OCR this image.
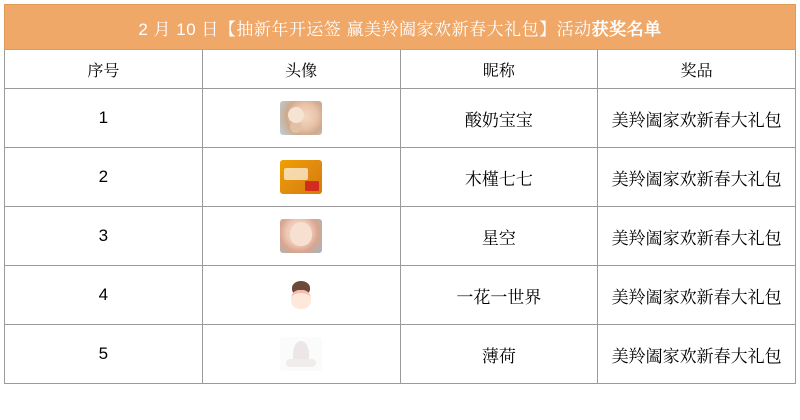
2 月 10 日【抽新年开运签 赢美羚阖家欢新春大礼包】活动获奖名单			
序号	头像	昵称	奖品
1		酸奶宝宝	美羚阖家欢新春大礼包
2		木槿七七	美羚阖家欢新春大礼包
3		星空	美羚阖家欢新春大礼包
4		一花一世界	美羚阖家欢新春大礼包
5		薄荷	美羚阖家欢新春大礼包
